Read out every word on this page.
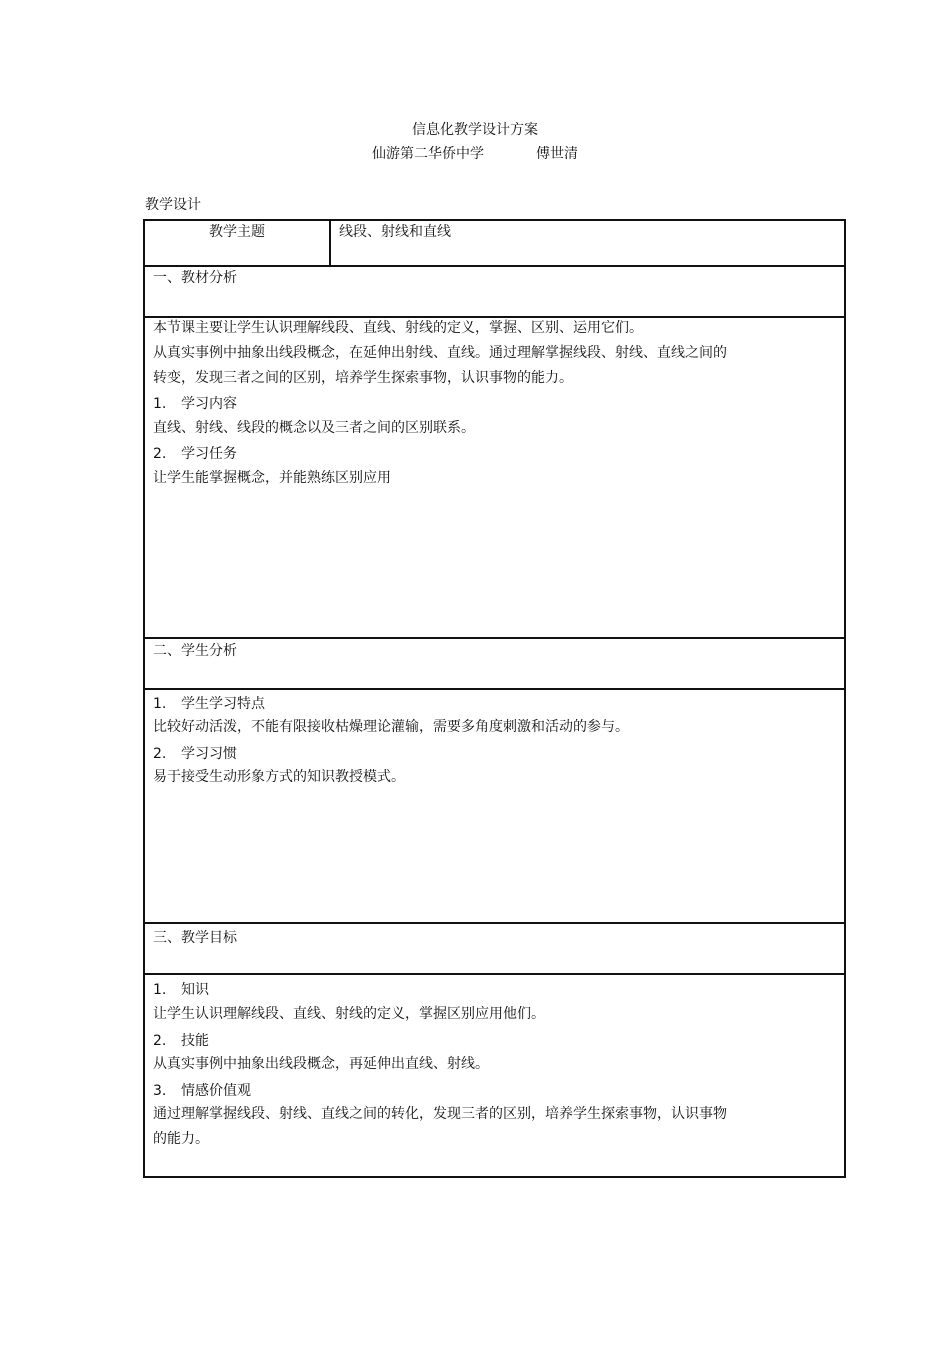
信息化教学设计方案
仙游第二华侨中学	傅世清
教学设计
教学主题	线段、射线和直线
一、教材分析
本节课主要让学生认识理解线段、直线、射线的定义，掌握、区别、运用它们。
从真实事例中抽象出线段概念，在延伸出射线、直线。通过理解掌握线段、射线、直线之间的
转变，发现三者之间的区别，培养学生探索事物，认识事物的能力。
1. 学习内容
直线、射线、线段的概念以及三者之间的区别联系。
2. 学习任务
让学生能掌握概念，并能熟练区别应用
二、学生分析
1. 学生学习特点
比较好动活泼，不能有限接收枯燥理论灌输，需要多角度刺激和活动的参与。
2. 学习习惯
易于接受生动形象方式的知识教授模式。
三、教学目标
1. 知识
让学生认识理解线段、直线、射线的定义，掌握区别应用他们。
2. 技能
从真实事例中抽象出线段概念，再延伸出直线、射线。
3. 情感价值观
通过理解掌握线段、射线、直线之间的转化，发现三者的区别，培养学生探索事物，认识事物
的能力。
